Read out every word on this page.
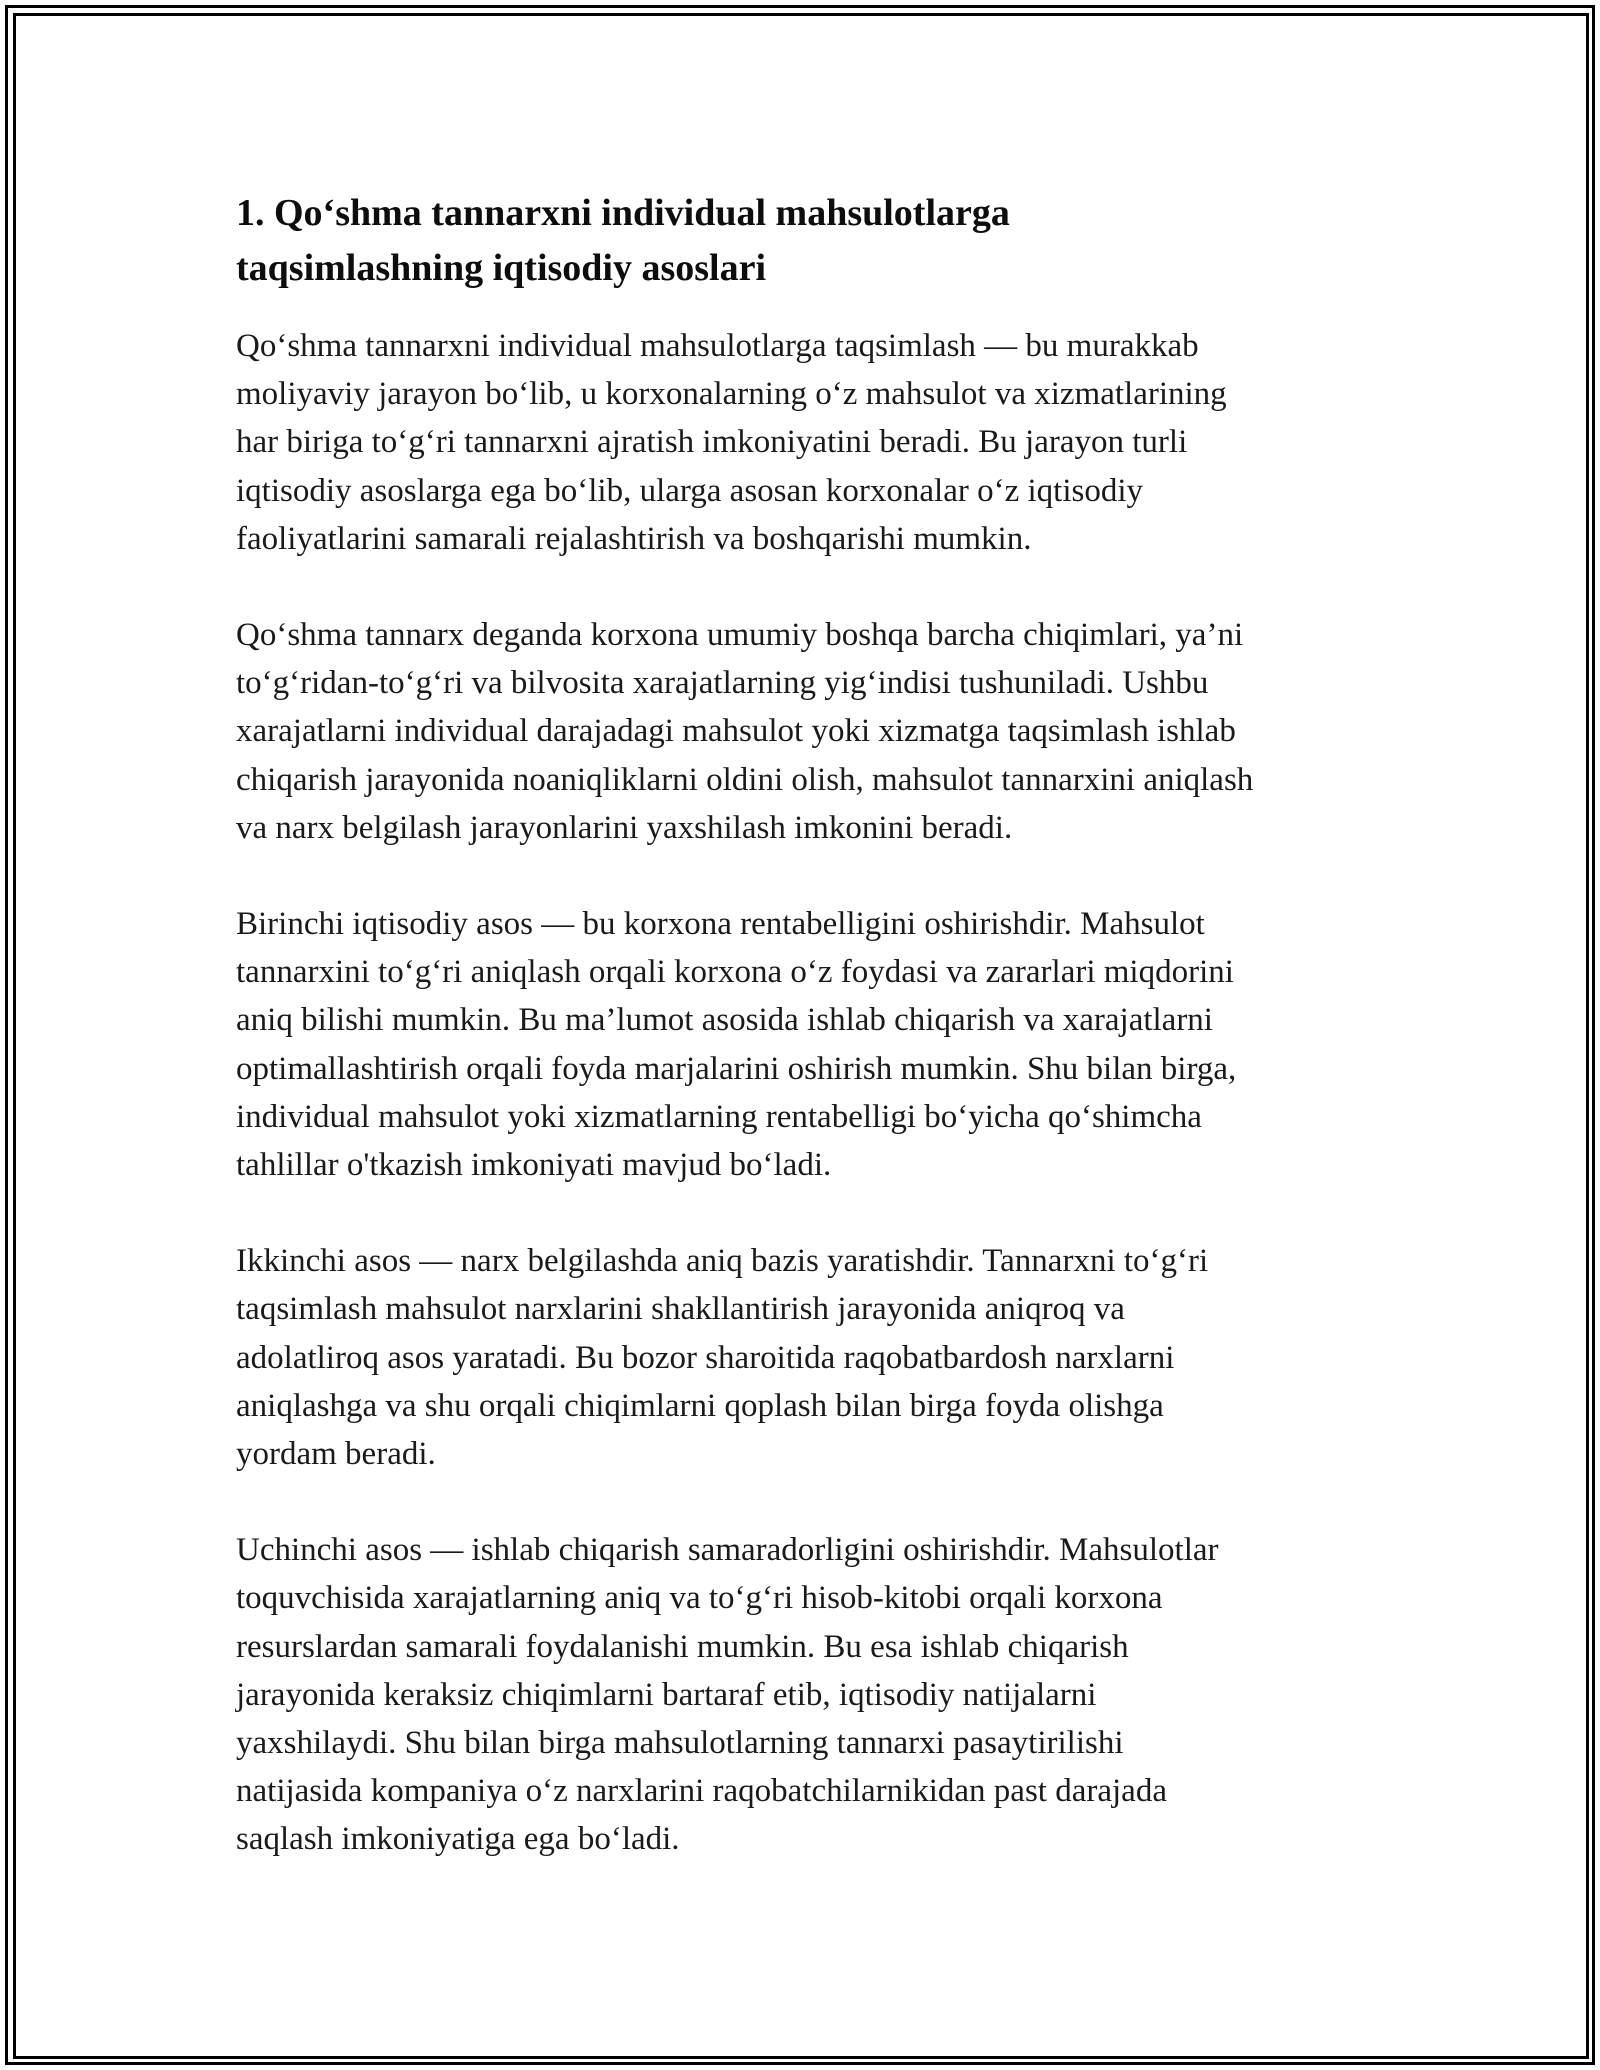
1. Qo‘shma tannarxni individual mahsulotlarga
taqsimlashning iqtisodiy asoslari

Qo‘shma tannarxni individual mahsulotlarga taqsimlash — bu murakkab
moliyaviy jarayon bo‘lib, u korxonalarning o‘z mahsulot va xizmatlarining
har biriga to‘g‘ri tannarxni ajratish imkoniyatini beradi. Bu jarayon turli
iqtisodiy asoslarga ega bo‘lib, ularga asosan korxonalar o‘z iqtisodiy
faoliyatlarini samarali rejalashtirish va boshqarishi mumkin.

Qo‘shma tannarx deganda korxona umumiy boshqa barcha chiqimlari, ya’ni
to‘g‘ridan-to‘g‘ri va bilvosita xarajatlarning yig‘indisi tushuniladi. Ushbu
xarajatlarni individual darajadagi mahsulot yoki xizmatga taqsimlash ishlab
chiqarish jarayonida noaniqliklarni oldini olish, mahsulot tannarxini aniqlash
va narx belgilash jarayonlarini yaxshilash imkonini beradi.

Birinchi iqtisodiy asos — bu korxona rentabelligini oshirishdir. Mahsulot
tannarxini to‘g‘ri aniqlash orqali korxona o‘z foydasi va zararlari miqdorini
aniq bilishi mumkin. Bu ma’lumot asosida ishlab chiqarish va xarajatlarni
optimallashtirish orqali foyda marjalarini oshirish mumkin. Shu bilan birga,
individual mahsulot yoki xizmatlarning rentabelligi bo‘yicha qo‘shimcha
tahlillar o'tkazish imkoniyati mavjud bo‘ladi.

Ikkinchi asos — narx belgilashda aniq bazis yaratishdir. Tannarxni to‘g‘ri
taqsimlash mahsulot narxlarini shakllantirish jarayonida aniqroq va
adolatliroq asos yaratadi. Bu bozor sharoitida raqobatbardosh narxlarni
aniqlashga va shu orqali chiqimlarni qoplash bilan birga foyda olishga
yordam beradi.

Uchinchi asos — ishlab chiqarish samaradorligini oshirishdir. Mahsulotlar
toquvchisida xarajatlarning aniq va to‘g‘ri hisob-kitobi orqali korxona
resurslardan samarali foydalanishi mumkin. Bu esa ishlab chiqarish
jarayonida keraksiz chiqimlarni bartaraf etib, iqtisodiy natijalarni
yaxshilaydi. Shu bilan birga mahsulotlarning tannarxi pasaytirilishi
natijasida kompaniya o‘z narxlarini raqobatchilarnikidan past darajada
saqlash imkoniyatiga ega bo‘ladi.
